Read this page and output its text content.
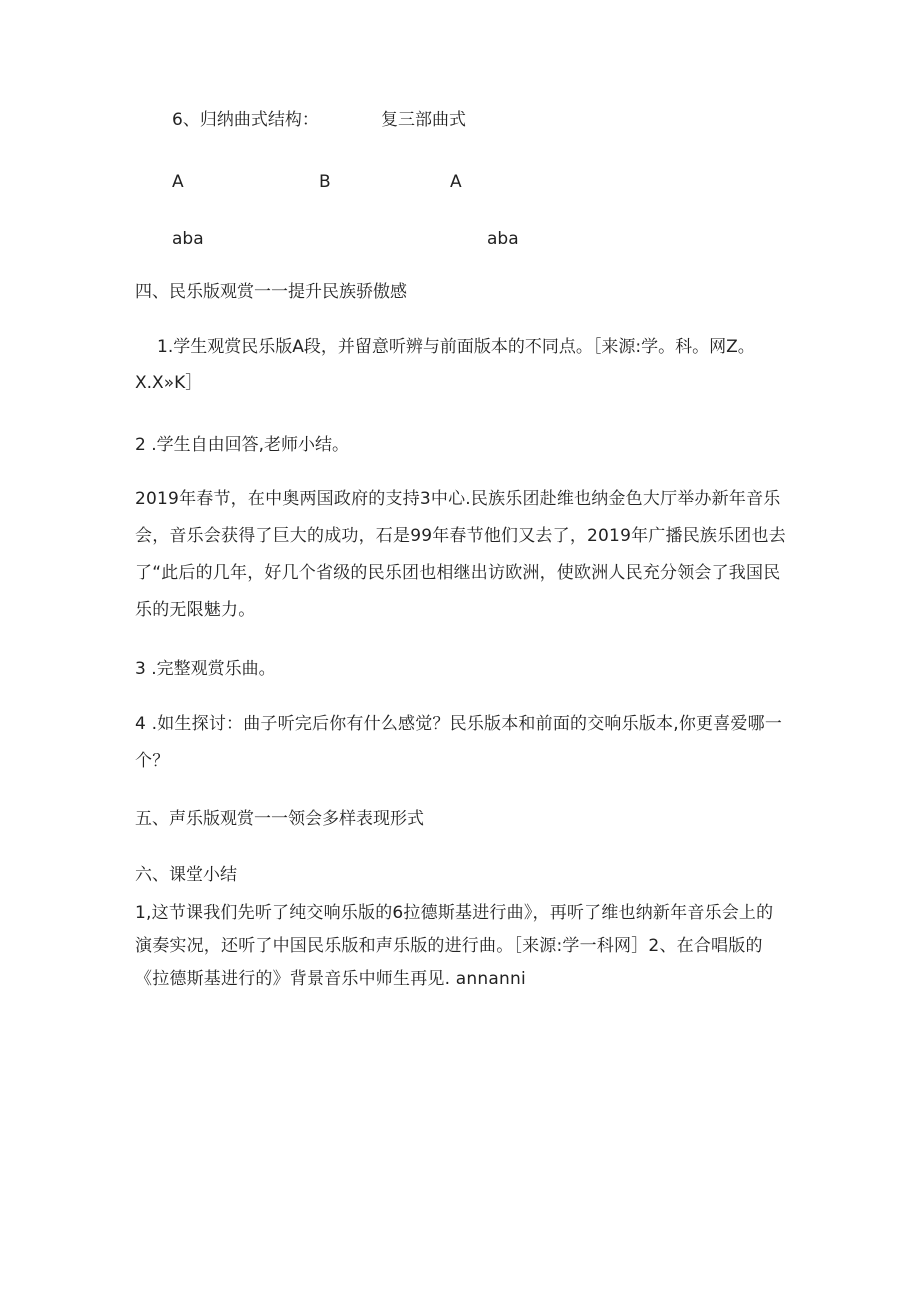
6、归纳曲式结构：	复三部曲式
A	B	A
aba	aba
四、民乐版观赏一一提升民族骄傲感
1.学生观赏民乐版A段，并留意听辨与前面版本的不同点。［来源:学。科。网Z。
X.X»K］
2 .学生自由回答,老师小结。
2019年春节，在中奥两国政府的支持3中心.民族乐团赴维也纳金色大厅举办新年音乐会，音乐会获得了巨大的成功，石是99年春节他们又去了，2019年广播民族乐团也去了“此后的几年，好几个省级的民乐团也相继出访欧洲，使欧洲人民充分领会了我国民乐的无限魅力。
3 .完整观赏乐曲。
4 .如生探讨：曲子听完后你有什么感觉？民乐版本和前面的交响乐版本,你更喜爱哪一个？
五、声乐版观赏一一领会多样表现形式
六、课堂小结
1,这节课我们先听了纯交响乐版的6拉德斯基进行曲》，再听了维也纳新年音乐会上的演奏实况，还听了中国民乐版和声乐版的进行曲。［来源:学一科网］2、在合唱版的《拉德斯基进行的》背景音乐中师生再见. annanni
